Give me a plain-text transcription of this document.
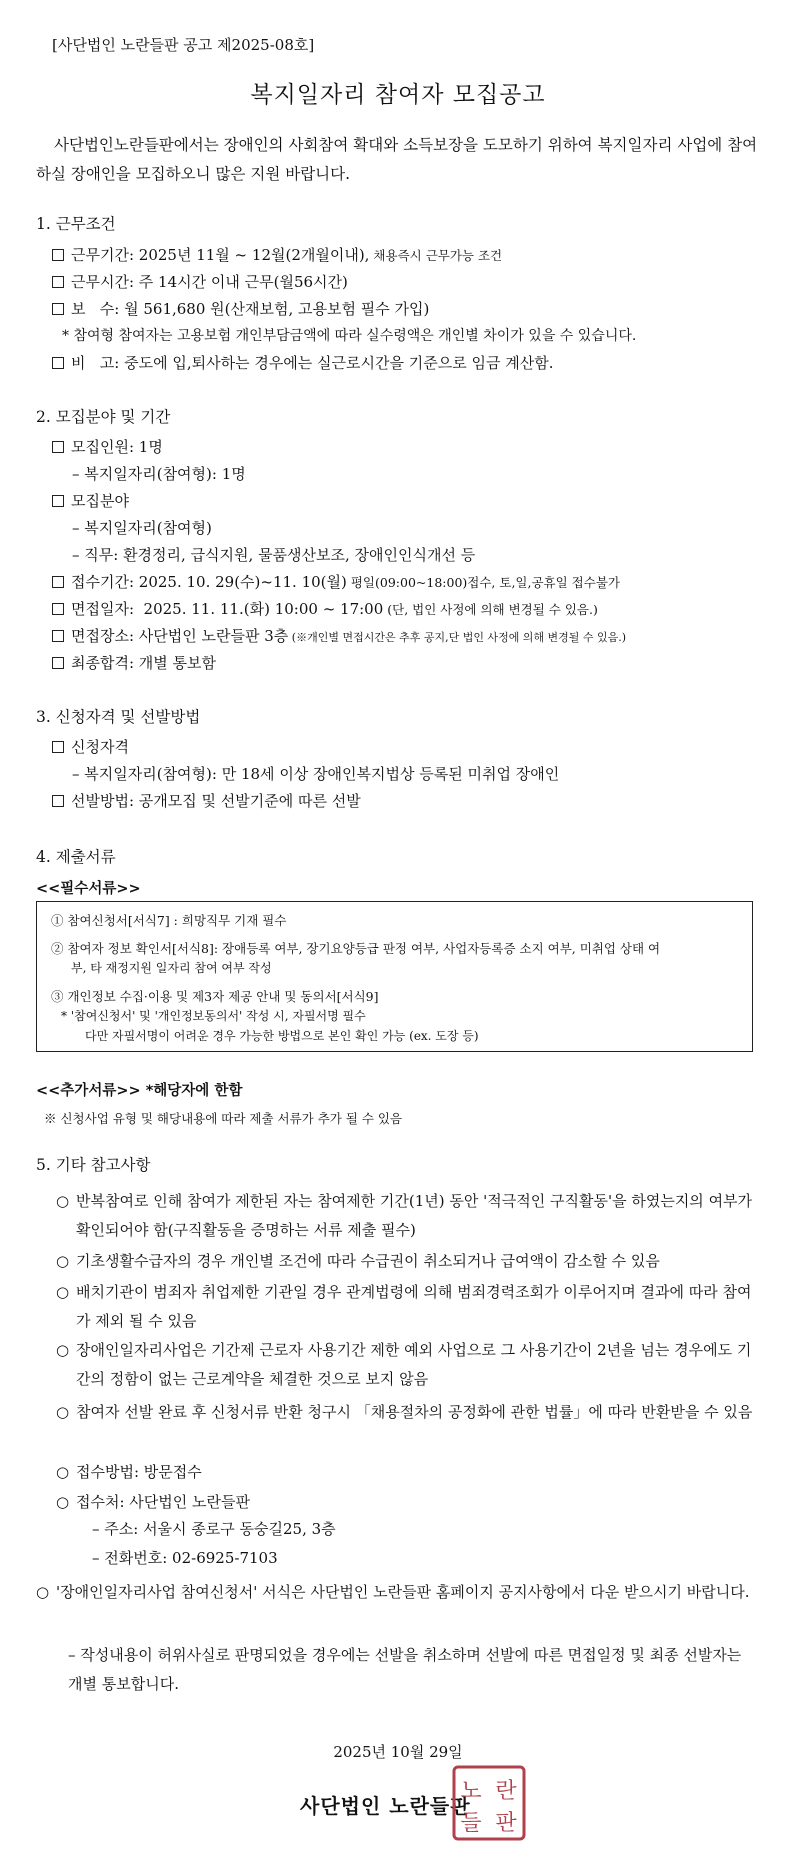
[사단법인 노란들판 공고 제2025-08호]
복지일자리 참여자 모집공고
사단법인노란들판에서는 장애인의 사회참여 확대와 소득보장을 도모하기 위하여 복지일자리 사업에 참여하실 장애인을 모집하오니 많은 지원 바랍니다.
1. 근무조건
근무기간: 2025년 11월 ~ 12월(2개월이내), 채용즉시 근무가능 조건
근무시간: 주 14시간 이내 근무(월56시간)
보   수: 월 561,680 원(산재보험, 고용보험 필수 가입)
* 참여형 참여자는 고용보험 개인부담금액에 따라 실수령액은 개인별 차이가 있을 수 있습니다.
비   고: 중도에 입,퇴사하는 경우에는 실근로시간을 기준으로 임금 계산함.
2. 모집분야 및 기간
모집인원: 1명
– 복지일자리(참여형): 1명
모집분야
– 복지일자리(참여형)
– 직무: 환경정리, 급식지원, 물품생산보조, 장애인인식개선 등
접수기간: 2025. 10. 29(수)~11. 10(월) 평일(09:00~18:00)접수, 토,일,공휴일 접수불가
면접일자:  2025. 11. 11.(화) 10:00 ~ 17:00 (단, 법인 사정에 의해 변경될 수 있음.)
면접장소: 사단법인 노란들판 3층 (※개인별 면접시간은 추후 공지,단 법인 사정에 의해 변경될 수 있음.)
최종합격: 개별 통보함
3. 신청자격 및 선발방법
신청자격
– 복지일자리(참여형): 만 18세 이상 장애인복지법상 등록된 미취업 장애인
선발방법: 공개모집 및 선발기준에 따른 선발
4. 제출서류
<<필수서류>>
① 참여신청서[서식7] : 희망직무 기재 필수
② 참여자 정보 확인서[서식8]: 장애등록 여부, 장기요양등급 판정 여부, 사업자등록증 소지 여부, 미취업 상태 여
부, 타 재정지원 일자리 참여 여부 작성
③ 개인정보 수집·이용 및 제3자 제공 안내 및 동의서[서식9]
* '참여신청서' 및 '개인정보동의서' 작성 시, 자필서명 필수
다만 자필서명이 어려운 경우 가능한 방법으로 본인 확인 가능 (ex. 도장 등)
<<추가서류>> *해당자에 한함
※ 신청사업 유형 및 해당내용에 따라 제출 서류가 추가 될 수 있음
5. 기타 참고사항
○ 반복참여로 인해 참여가 제한된 자는 참여제한 기간(1년) 동안 '적극적인 구직활동'을 하였는지의 여부가 확인되어야 함(구직활동을 증명하는 서류 제출 필수)
○ 기초생활수급자의 경우 개인별 조건에 따라 수급권이 취소되거나 급여액이 감소할 수 있음
○ 배치기관이 범죄자 취업제한 기관일 경우 관계법령에 의해 범죄경력조회가 이루어지며 결과에 따라 참여가 제외 될 수 있음
○ 장애인일자리사업은 기간제 근로자 사용기간 제한 예외 사업으로 그 사용기간이 2년을 넘는 경우에도 기간의 정함이 없는 근로계약을 체결한 것으로 보지 않음
○ 참여자 선발 완료 후 신청서류 반환 청구시 「채용절차의 공정화에 관한 법률」에 따라 반환받을 수 있음
○ 접수방법: 방문접수
○ 접수처: 사단법인 노란들판
– 주소: 서울시 종로구 동숭길25, 3층
– 전화번호: 02-6925-7103
○ '장애인일자리사업 참여신청서' 서식은 사단법인 노란들판 홈페이지 공지사항에서 다운 받으시기 바랍니다.
– 작성내용이 허위사실로 판명되었을 경우에는 선발을 취소하며 선발에 따른 면접일정 및 최종 선발자는 개별 통보합니다.
2025년 10월 29일
사단법인 노란들판
노 란
들 판
